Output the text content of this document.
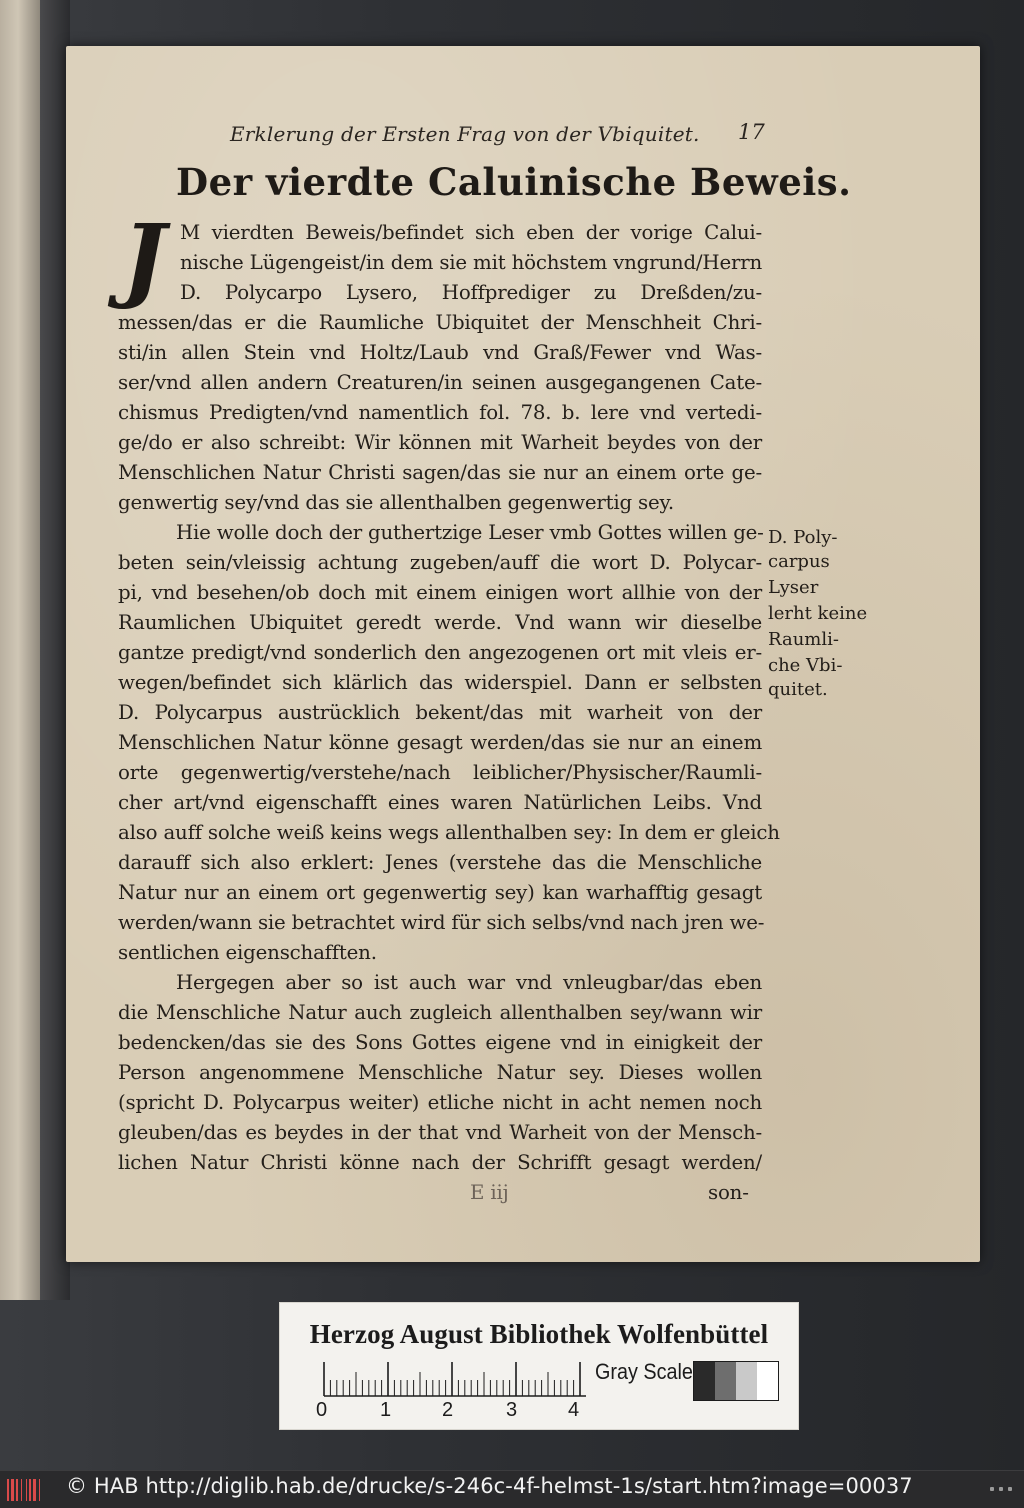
Erklerung der Ersten Frag von der Vbiquitet. 17
Der vierdte Caluinische Beweis.
J M vierdten Beweis/befindet sich eben der vorige Calui-
nische Lügengeist/in dem sie mit höchstem vngrund/Herrn
D. Polycarpo Lysero, Hoffprediger zu Dreßden/zu-
messen/das er die Raumliche Ubiquitet der Menschheit Chri-
sti/in allen Stein vnd Holtz/Laub vnd Graß/Fewer vnd Was-
ser/vnd allen andern Creaturen/in seinen ausgegangenen Cate-
chismus Predigten/vnd namentlich fol. 78. b. lere vnd vertedi-
ge/do er also schreibt: Wir können mit Warheit beydes von der
Menschlichen Natur Christi sagen/das sie nur an einem orte ge-
genwertig sey/vnd das sie allenthalben gegenwertig sey.
Hie wolle doch der guthertzige Leser vmb Gottes willen ge-
beten sein/vleissig achtung zugeben/auff die wort D. Polycar-
pi, vnd besehen/ob doch mit einem einigen wort allhie von der
Raumlichen Ubiquitet geredt werde. Vnd wann wir dieselbe
gantze predigt/vnd sonderlich den angezogenen ort mit vleis er-
wegen/befindet sich klärlich das widerspiel. Dann er selbsten
D. Polycarpus austrücklich bekent/das mit warheit von der
Menschlichen Natur könne gesagt werden/das sie nur an einem
orte gegenwertig/verstehe/nach leiblicher/Physischer/Raumli-
cher art/vnd eigenschafft eines waren Natürlichen Leibs. Vnd
also auff solche weiß keins wegs allenthalben sey: In dem er gleich
darauff sich also erklert: Jenes (verstehe das die Menschliche
Natur nur an einem ort gegenwertig sey) kan warhafftig gesagt
werden/wann sie betrachtet wird für sich selbs/vnd nach jren we-
sentlichen eigenschafften.
Hergegen aber so ist auch war vnd vnleugbar/das eben
die Menschliche Natur auch zugleich allenthalben sey/wann wir
bedencken/das sie des Sons Gottes eigene vnd in einigkeit der
Person angenommene Menschliche Natur sey. Dieses wollen
(spricht D. Polycarpus weiter) etliche nicht in acht nemen noch
gleuben/das es beydes in der that vnd Warheit von der Mensch-
lichen Natur Christi könne nach der Schrifft gesagt werden/
E iij	son-
D. Poly-
carpus
Lyser
lerht keine
Raumli-
che Vbi-
quitet.
Herzog August Bibliothek Wolfenbüttel
0	1	2	3	4
Gray Scale
© HAB http://diglib.hab.de/drucke/s-246c-4f-helmst-1s/start.htm?image=00037
